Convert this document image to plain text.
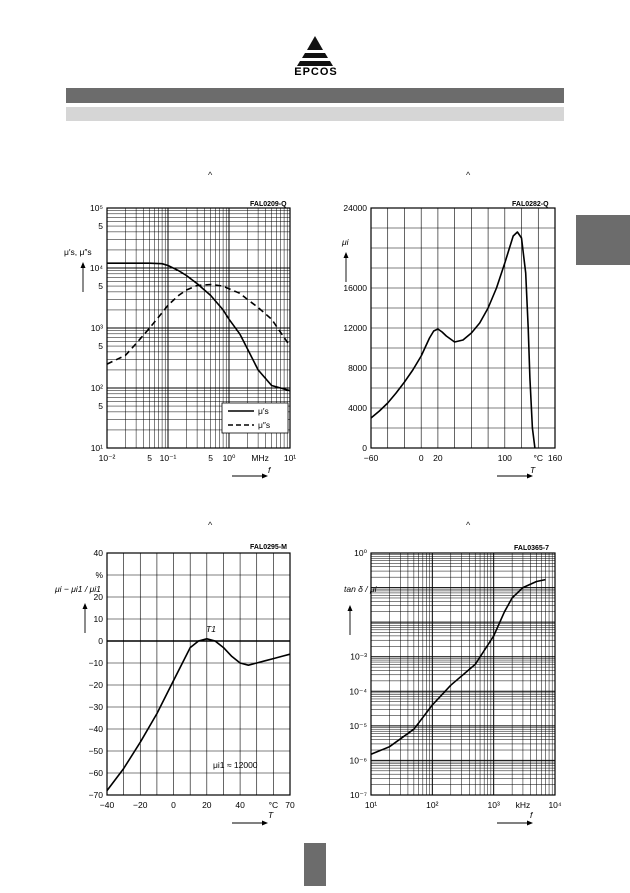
EPCOS
^	^
^	^
10⁻²	5 10⁻¹	5 10⁰ MHz 10¹
10⁵
5
10⁴
5
10³
5
10²
5
10¹
FAL0209-Q
μ′s, μ″s
f
μ′s
μ″s
−60	0 20	100	°C 160
24000
16000
12000
8000
4000
0
FAL0282-Q
μi
T
−40 −20	0	20	40	°C 70
40
%
20
10
0
−10
−20
−30
−40
−50
−60
−70
FAL0295-M
μi − μi1 / μi1
T1
μi1 ≈ 12000
T
10¹	10²	10³ kHz 10⁴
10⁰
10⁻³
10⁻⁴
10⁻⁵
10⁻⁶
10⁻⁷
FAL0365-7
tan δ / μi
f
